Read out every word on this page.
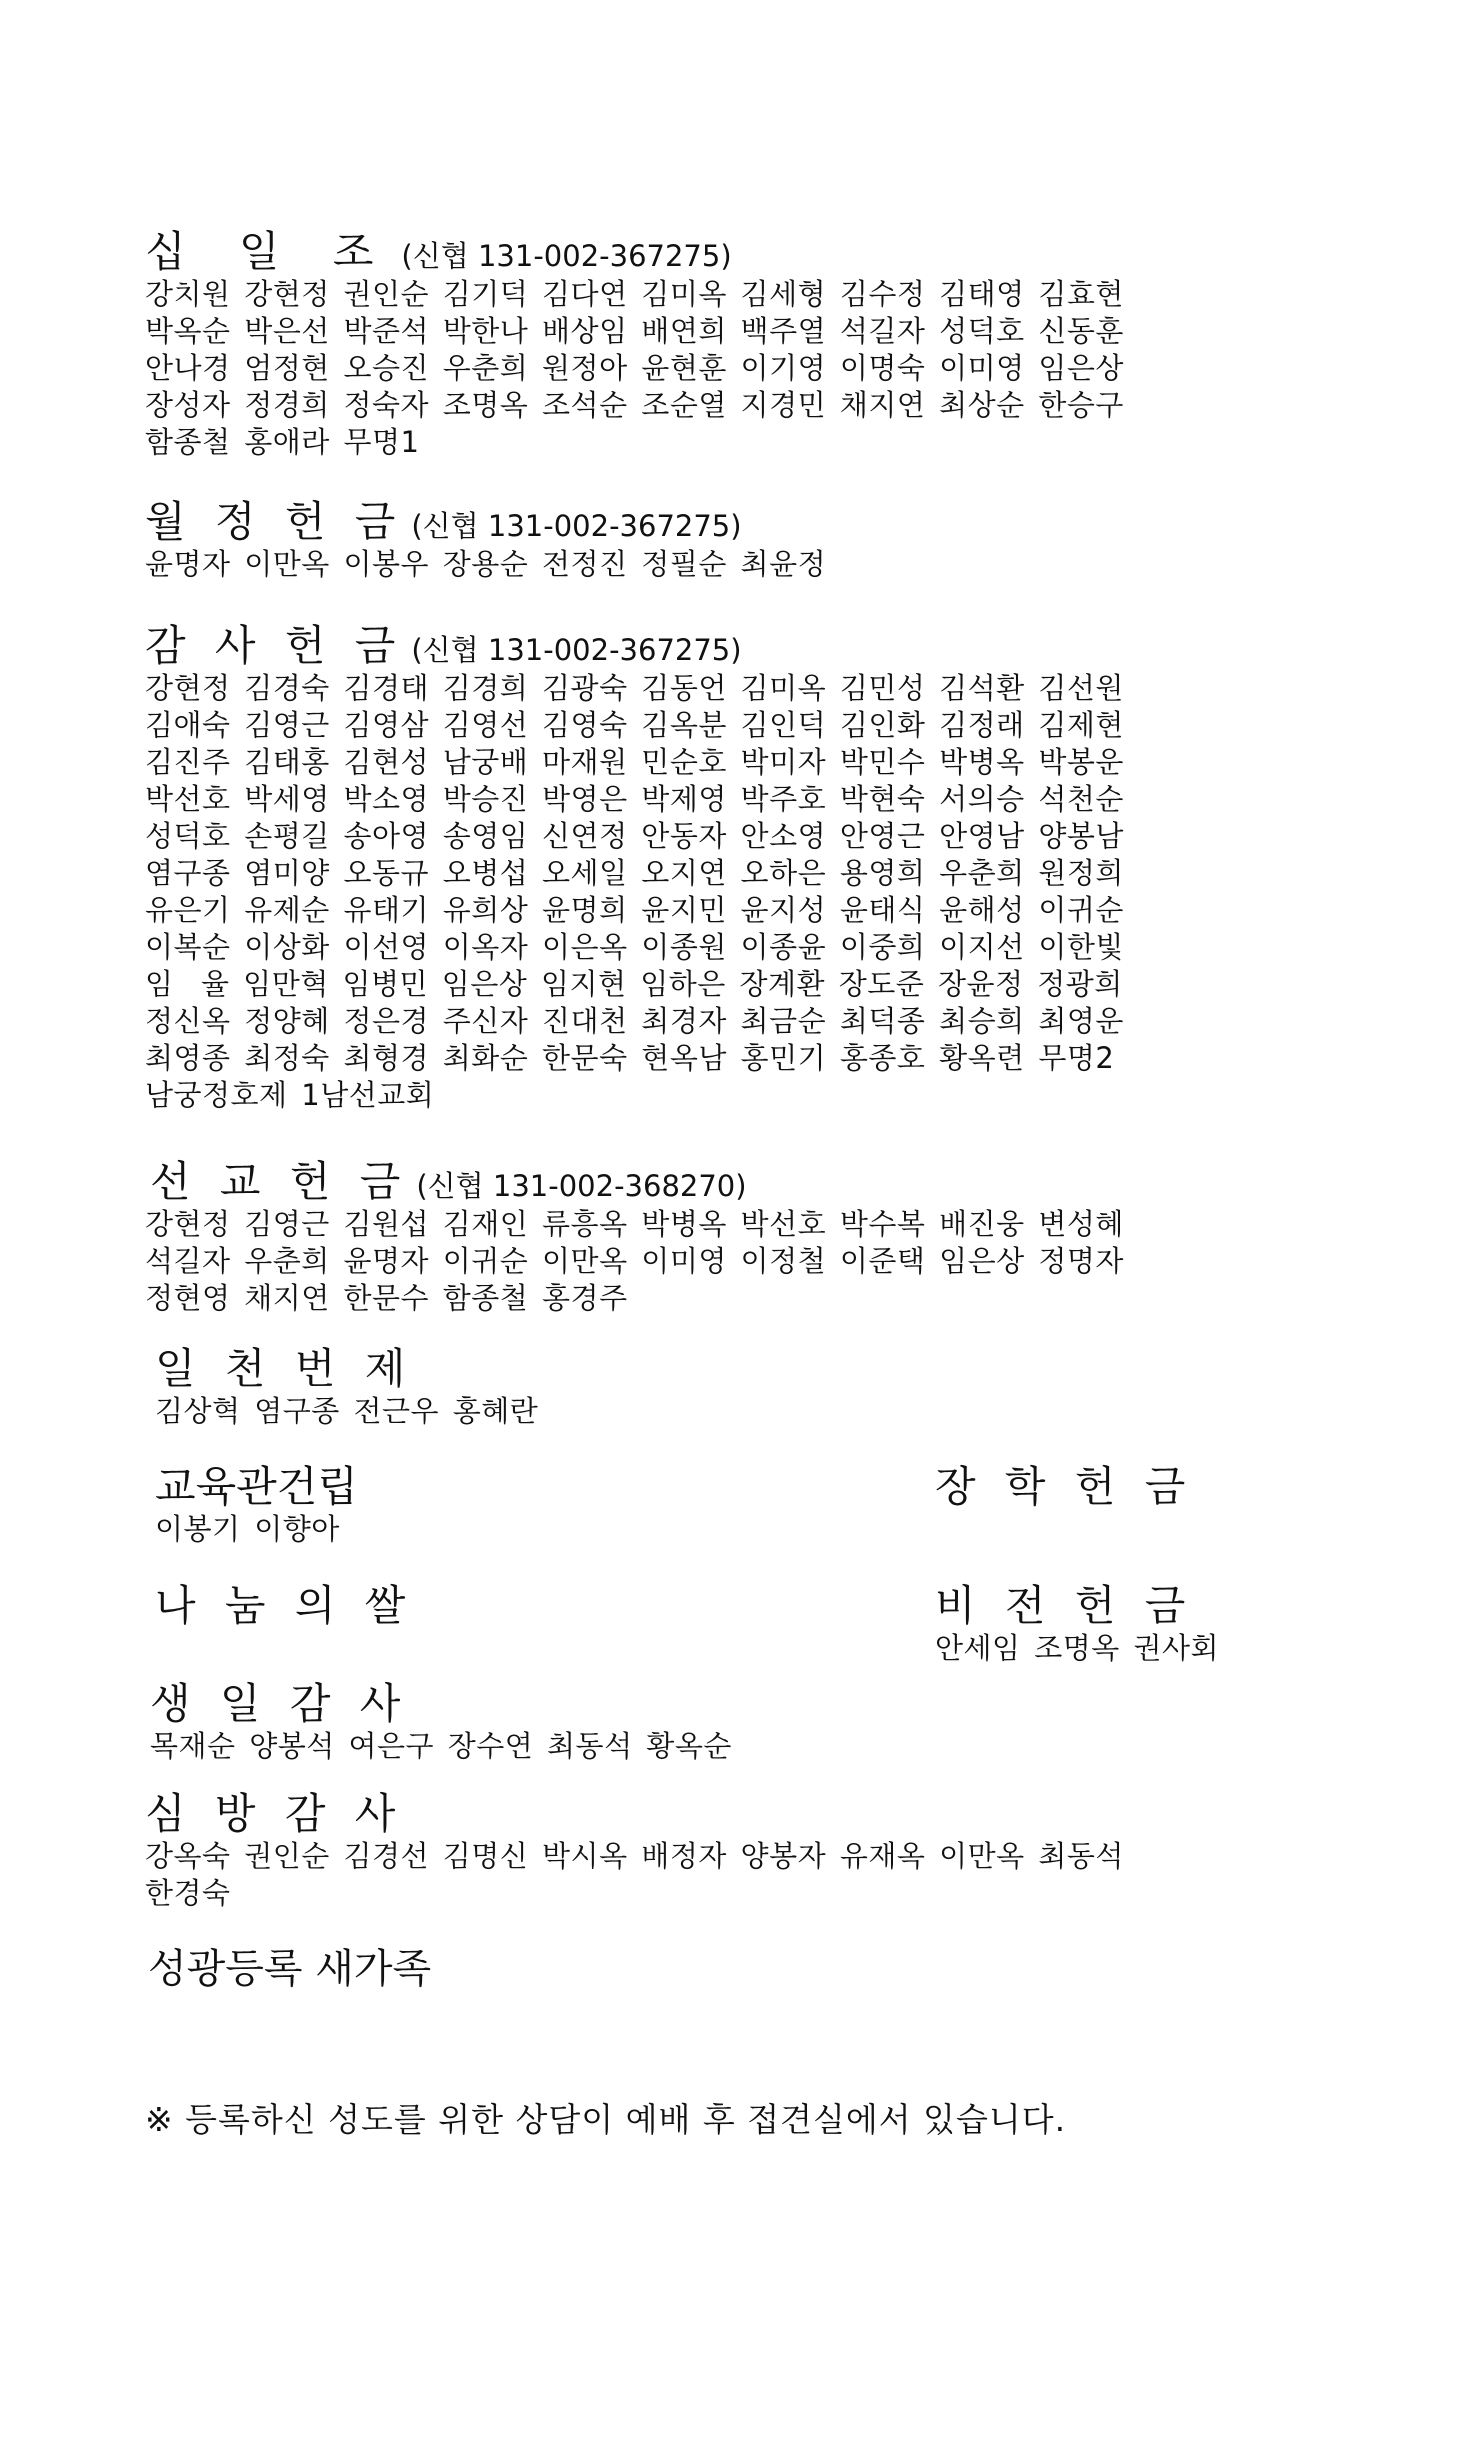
십 일 조 (신협 131-002-367275)
강치원 강현정 권인순 김기덕 김다연 김미옥 김세형 김수정 김태영 김효현
박옥순 박은선 박준석 박한나 배상임 배연희 백주열 석길자 성덕호 신동훈
안나경 엄정현 오승진 우춘희 원정아 윤현훈 이기영 이명숙 이미영 임은상
장성자 정경희 정숙자 조명옥 조석순 조순열 지경민 채지연 최상순 한승구
함종철 홍애라 무명1
월 정 헌 금 (신협 131-002-367275)
윤명자 이만옥 이봉우 장용순 전정진 정필순 최윤정
감 사 헌 금 (신협 131-002-367275)
강현정 김경숙 김경태 김경희 김광숙 김동언 김미옥 김민성 김석환 김선원
김애숙 김영근 김영삼 김영선 김영숙 김옥분 김인덕 김인화 김정래 김제현
김진주 김태홍 김현성 남궁배 마재원 민순호 박미자 박민수 박병옥 박봉운
박선호 박세영 박소영 박승진 박영은 박제영 박주호 박현숙 서의승 석천순
성덕호 손평길 송아영 송영임 신연정 안동자 안소영 안영근 안영남 양봉남
염구종 염미양 오동규 오병섭 오세일 오지연 오하은 용영희 우춘희 원정희
유은기 유제순 유태기 유희상 윤명희 윤지민 윤지성 윤태식 윤해성 이귀순
이복순 이상화 이선영 이옥자 이은옥 이종원 이종윤 이중희 이지선 이한빛
임  율 임만혁 임병민 임은상 임지현 임하은 장계환 장도준 장윤정 정광희
정신옥 정양혜 정은경 주신자 진대천 최경자 최금순 최덕종 최승희 최영운
최영종 최정숙 최형경 최화순 한문숙 현옥남 홍민기 홍종호 황옥련 무명2
남궁정호제 1남선교회
선 교 헌 금 (신협 131-002-368270)
강현정 김영근 김원섭 김재인 류흥옥 박병옥 박선호 박수복 배진웅 변성혜
석길자 우춘희 윤명자 이귀순 이만옥 이미영 이정철 이준택 임은상 정명자
정현영 채지연 한문수 함종철 홍경주
일 천 번 제
김상혁 염구종 전근우 홍혜란
교육관건립
이봉기 이향아
장 학 헌 금
나 눔 의 쌀	비 전 헌 금
안세임 조명옥 권사회
생 일 감 사
목재순 양봉석 여은구 장수연 최동석 황옥순
심 방 감 사
강옥숙 권인순 김경선 김명신 박시옥 배정자 양봉자 유재옥 이만옥 최동석
한경숙
성광등록 새가족
※ 등록하신 성도를 위한 상담이 예배 후 접견실에서 있습니다.
